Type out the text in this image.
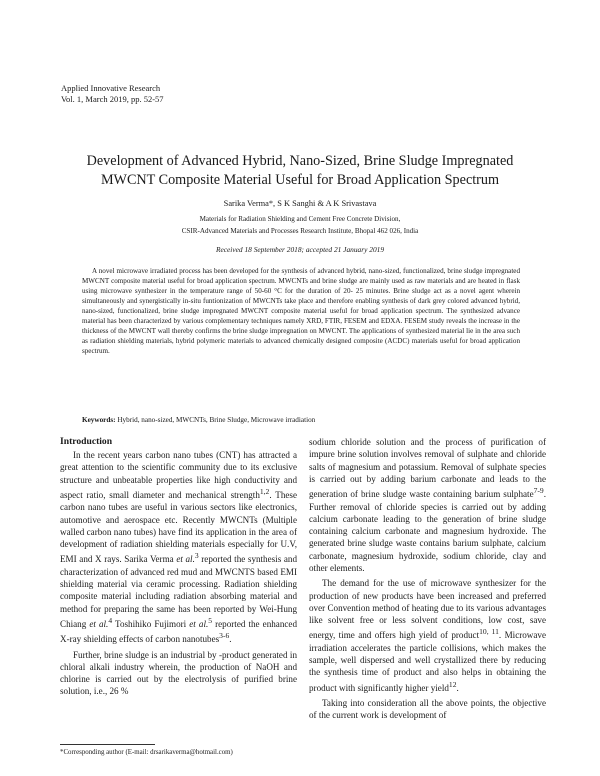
Applied Innovative Research
Vol. 1, March 2019, pp. 52-57
Development of Advanced Hybrid, Nano-Sized, Brine Sludge Impregnated MWCNT Composite Material Useful for Broad Application Spectrum
Sarika Verma*, S K Sanghi & A K Srivastava
Materials for Radiation Shielding and Cement Free Concrete Division,
CSIR-Advanced Materials and Processes Research Institute, Bhopal 462 026, India
Received 18 September 2018; accepted 21 January 2019

A novel microwave irradiated process has been developed for the synthesis of advanced hybrid, nano-sized, functionalized, brine sludge impregnated MWCNT composite material useful for broad application spectrum. MWCNTs and brine sludge are mainly used as raw materials and are heated in flask using microwave synthesizer in the temperature range of 50-60 °C for the duration of 20- 25 minutes. Brine sludge act as a novel agent wherein simultaneously and synergistically in-situ funtionization of MWCNTs take place and therefore enabling synthesis of dark grey colored advanced hybrid, nano-sized, functionalized, brine sludge impregnated MWCNT composite material useful for broad application spectrum. The synthesized advance material has been characterized by various complementary techniques namely XRD, FTIR, FESEM and EDXA. FESEM study reveals the increase in the thickness of the MWCNT wall thereby confirms the brine sludge impregnation on MWCNT. The applications of synthesized material lie in the area such as radiation shielding materials, hybrid polymeric materials to advanced chemically designed composite (ACDC) materials useful for broad application spectrum.

Keywords: Hybrid, nano-sized, MWCNTs, Brine Sludge, Microwave irradiation
Introduction

In the recent years carbon nano tubes (CNT) has attracted a great attention to the scientific community due to its exclusive structure and unbeatable properties like high conductivity and aspect ratio, small diameter and mechanical strength$^{1,2}$. These carbon nano tubes are useful in various sectors like electronics, automotive and aerospace etc. Recently MWCNTs (Multiple walled carbon nano tubes) have find its application in the area of development of radiation shielding materials especially for U.V, EMI and X rays. Sarika Verma et al.$^3$ reported the synthesis and characterization of advanced red mud and MWCNTS based EMI shielding material via ceramic processing. Radiation shielding composite material including radiation absorbing material and method for preparing the same has been reported by Wei-Hung Chiang et al.$^4$ Toshihiko Fujimori et al.$^5$ reported the enhanced X-ray shielding effects of carbon nanotubes$^{3-6}$.

Further, brine sludge is an industrial by -product generated in chloral alkali industry wherein, the production of NaOH and chlorine is carried out by the electrolysis of purified brine solution, i.e., 26 %

sodium chloride solution and the process of purification of impure brine solution involves removal of sulphate and chloride salts of magnesium and potassium. Removal of sulphate species is carried out by adding barium carbonate and leads to the generation of brine sludge waste containing barium sulphate$^{7-9}$. Further removal of chloride species is carried out by adding calcium carbonate leading to the generation of brine sludge containing calcium carbonate and magnesium hydroxide. The generated brine sludge waste contains barium sulphate, calcium carbonate, magnesium hydroxide, sodium chloride, clay and other elements.

The demand for the use of microwave synthesizer for the production of new products have been increased and preferred over Convention method of heating due to its various advantages like solvent free or less solvent conditions, low cost, save energy, time and offers high yield of product$^{10, 11}$. Microwave irradiation accelerates the particle collisions, which makes the sample, well dispersed and well crystallized there by reducing the synthesis time of product and also helps in obtaining the product with significantly higher yield$^{12}$.

Taking into consideration all the above points, the objective of the current work is development of

*Corresponding author (E-mail: drsarikaverma@hotmail.com)
